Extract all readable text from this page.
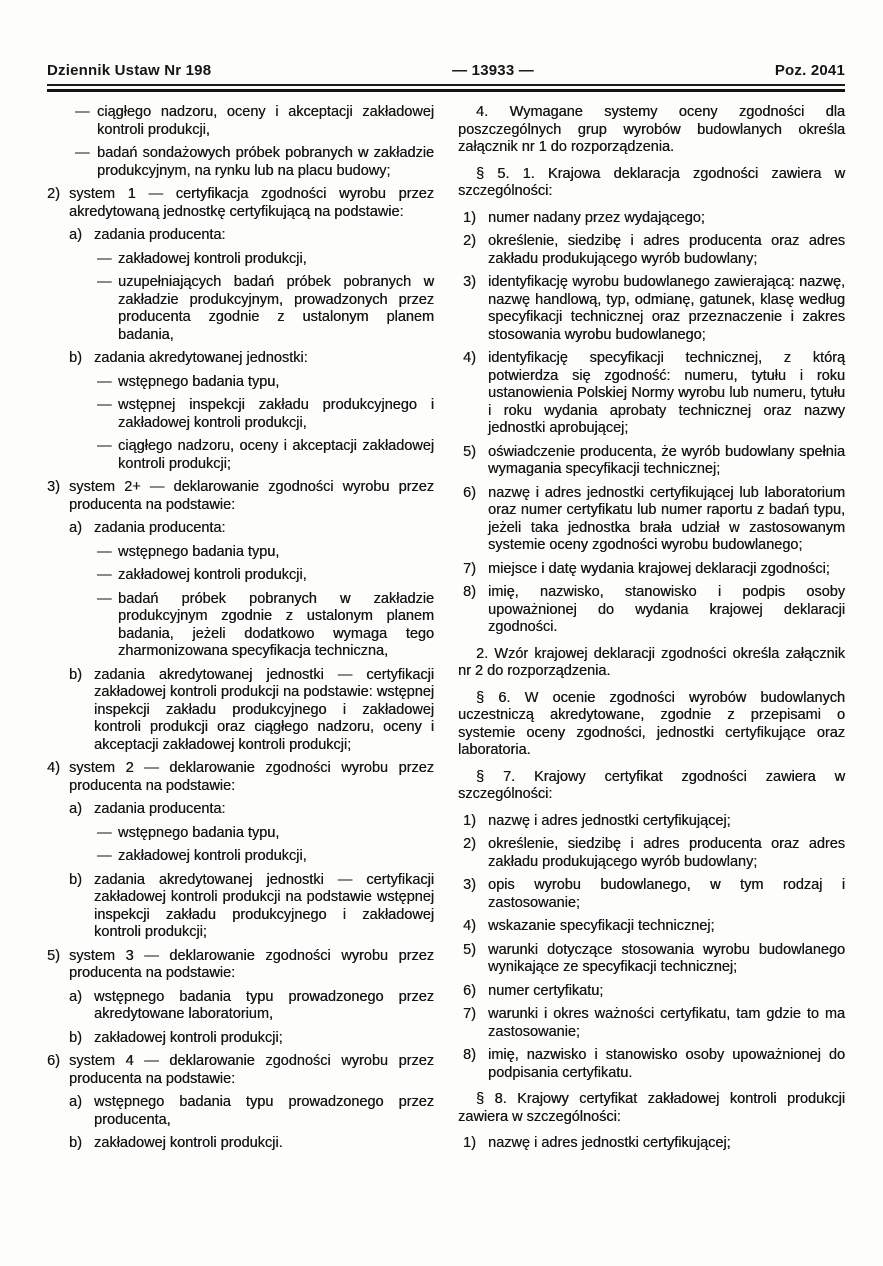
Dziennik Ustaw Nr 198	— 13933 —	Poz. 2041
— ciągłego nadzoru, oceny i akceptacji zakładowej kontroli produkcji,
— badań sondażowych próbek pobranych w zakładzie produkcyjnym, na rynku lub na placu budowy;
2) system 1 — certyfikacja zgodności wyrobu przez akredytowaną jednostkę certyfikującą na podstawie:
a) zadania producenta:
— zakładowej kontroli produkcji,
— uzupełniających badań próbek pobranych w zakładzie produkcyjnym, prowadzonych przez producenta zgodnie z ustalonym planem badania,
b) zadania akredytowanej jednostki:
— wstępnego badania typu,
— wstępnej inspekcji zakładu produkcyjnego i zakładowej kontroli produkcji,
— ciągłego nadzoru, oceny i akceptacji zakładowej kontroli produkcji;
3) system 2+ — deklarowanie zgodności wyrobu przez producenta na podstawie:
a) zadania producenta:
— wstępnego badania typu,
— zakładowej kontroli produkcji,
— badań próbek pobranych w zakładzie produkcyjnym zgodnie z ustalonym planem badania, jeżeli dodatkowo wymaga tego zharmonizowana specyfikacja techniczna,
b) zadania akredytowanej jednostki — certyfikacji zakładowej kontroli produkcji na podstawie: wstępnej inspekcji zakładu produkcyjnego i zakładowej kontroli produkcji oraz ciągłego nadzoru, oceny i akceptacji zakładowej kontroli produkcji;
4) system 2 — deklarowanie zgodności wyrobu przez producenta na podstawie:
a) zadania producenta:
— wstępnego badania typu,
— zakładowej kontroli produkcji,
b) zadania akredytowanej jednostki — certyfikacji zakładowej kontroli produkcji na podstawie wstępnej inspekcji zakładu produkcyjnego i zakładowej kontroli produkcji;
5) system 3 — deklarowanie zgodności wyrobu przez producenta na podstawie:
a) wstępnego badania typu prowadzonego przez akredytowane laboratorium,
b) zakładowej kontroli produkcji;
6) system 4 — deklarowanie zgodności wyrobu przez producenta na podstawie:
a) wstępnego badania typu prowadzonego przez producenta,
b) zakładowej kontroli produkcji.
4. Wymagane systemy oceny zgodności dla poszczególnych grup wyrobów budowlanych określa załącznik nr 1 do rozporządzenia.
§ 5. 1. Krajowa deklaracja zgodności zawiera w szczególności:
1) numer nadany przez wydającego;
2) określenie, siedzibę i adres producenta oraz adres zakładu produkującego wyrób budowlany;
3) identyfikację wyrobu budowlanego zawierającą: nazwę, nazwę handlową, typ, odmianę, gatunek, klasę według specyfikacji technicznej oraz przeznaczenie i zakres stosowania wyrobu budowlanego;
4) identyfikację specyfikacji technicznej, z którą potwierdza się zgodność: numeru, tytułu i roku ustanowienia Polskiej Normy wyrobu lub numeru, tytułu i roku wydania aprobaty technicznej oraz nazwy jednostki aprobującej;
5) oświadczenie producenta, że wyrób budowlany spełnia wymagania specyfikacji technicznej;
6) nazwę i adres jednostki certyfikującej lub laboratorium oraz numer certyfikatu lub numer raportu z badań typu, jeżeli taka jednostka brała udział w zastosowanym systemie oceny zgodności wyrobu budowlanego;
7) miejsce i datę wydania krajowej deklaracji zgodności;
8) imię, nazwisko, stanowisko i podpis osoby upoważnionej do wydania krajowej deklaracji zgodności.
2. Wzór krajowej deklaracji zgodności określa załącznik nr 2 do rozporządzenia.
§ 6. W ocenie zgodności wyrobów budowlanych uczestniczą akredytowane, zgodnie z przepisami o systemie oceny zgodności, jednostki certyfikujące oraz laboratoria.
§ 7. Krajowy certyfikat zgodności zawiera w szczególności:
1) nazwę i adres jednostki certyfikującej;
2) określenie, siedzibę i adres producenta oraz adres zakładu produkującego wyrób budowlany;
3) opis wyrobu budowlanego, w tym rodzaj i zastosowanie;
4) wskazanie specyfikacji technicznej;
5) warunki dotyczące stosowania wyrobu budowlanego wynikające ze specyfikacji technicznej;
6) numer certyfikatu;
7) warunki i okres ważności certyfikatu, tam gdzie to ma zastosowanie;
8) imię, nazwisko i stanowisko osoby upoważnionej do podpisania certyfikatu.
§ 8. Krajowy certyfikat zakładowej kontroli produkcji zawiera w szczególności:
1) nazwę i adres jednostki certyfikującej;
